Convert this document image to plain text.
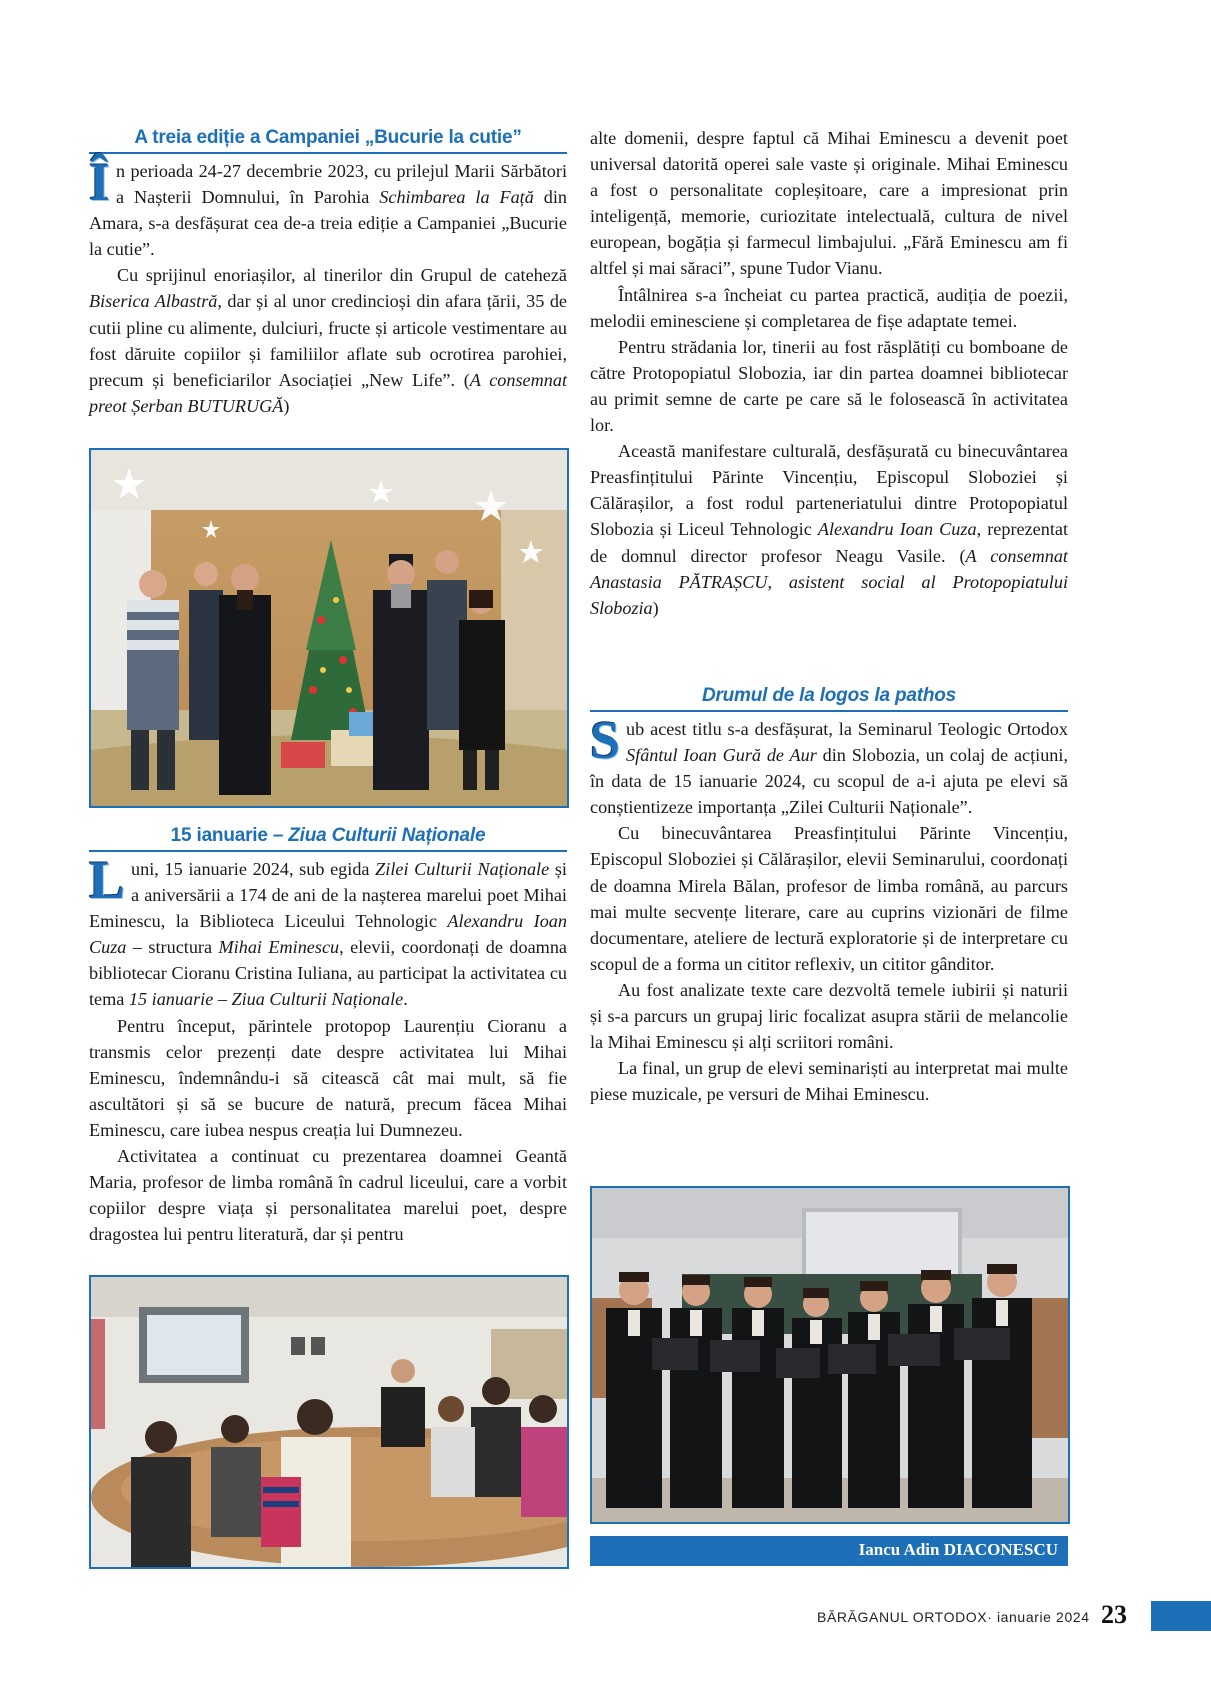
A treia ediție a Campaniei „Bucurie la cutie”

În perioada 24-27 decembrie 2023, cu prilejul Marii Sărbători a Nașterii Domnului, în Parohia Schimbarea la Față din Amara, s-a desfășurat cea de-a treia ediție a Campaniei „Bucurie la cutie”.

Cu sprijinul enoriașilor, al tinerilor din Grupul de cateheză Biserica Albastră, dar și al unor credincioși din afara țării, 35 de cutii pline cu alimente, dulciuri, fructe și articole vestimentare au fost dăruite copiilor și familiilor aflate sub ocrotirea parohiei, precum și beneficiarilor Asociației „New Life”. (A consemnat preot Șerban BUTURUGĂ)

15 ianuarie – Ziua Culturii Naționale

Luni, 15 ianuarie 2024, sub egida Zilei Culturii Naționale și a aniversării a 174 de ani de la nașterea marelui poet Mihai Eminescu, la Biblioteca Liceului Tehnologic Alexandru Ioan Cuza – structura Mihai Eminescu, elevii, coordonați de doamna bibliotecar Cioranu Cristina Iuliana, au participat la activitatea cu tema 15 ianuarie – Ziua Culturii Naționale.

Pentru început, părintele protopop Laurențiu Cioranu a transmis celor prezenți date despre activitatea lui Mihai Eminescu, îndemnându-i să citească cât mai mult, să fie ascultători și să se bucure de natură, precum făcea Mihai Eminescu, care iubea nespus creația lui Dumnezeu.

Activitatea a continuat cu prezentarea doamnei Geantă Maria, profesor de limba română în cadrul liceului, care a vorbit copiilor despre viața și personalitatea marelui poet, despre dragostea lui pentru literatură, dar și pentru

alte domenii, despre faptul că Mihai Eminescu a devenit poet universal datorită operei sale vaste și originale. Mihai Eminescu a fost o personalitate copleșitoare, care a impresionat prin inteligență, memorie, curiozitate intelectuală, cultura de nivel european, bogăția și farmecul limbajului. „Fără Eminescu am fi altfel și mai săraci”, spune Tudor Vianu.

Întâlnirea s-a încheiat cu partea practică, audiția de poezii, melodii eminesciene și completarea de fișe adaptate temei.

Pentru strădania lor, tinerii au fost răsplătiți cu bomboane de către Protopopiatul Slobozia, iar din partea doamnei bibliotecar au primit semne de carte pe care să le folosească în activitatea lor.

Această manifestare culturală, desfășurată cu binecuvântarea Preasfințitului Părinte Vincențiu, Episcopul Sloboziei și Călărașilor, a fost rodul parteneriatului dintre Protopopiatul Slobozia și Liceul Tehnologic Alexandru Ioan Cuza, reprezentat de domnul director profesor Neagu Vasile. (A consemnat Anastasia PĂTRAȘCU, asistent social al Protopopiatului Slobozia)

Drumul de la logos la pathos

Sub acest titlu s-a desfășurat, la Seminarul Teologic Ortodox Sfântul Ioan Gură de Aur din Slobozia, un colaj de acțiuni, în data de 15 ianuarie 2024, cu scopul de a-i ajuta pe elevi să conștientizeze importanța „Zilei Culturii Naționale”.

Cu binecuvântarea Preasfințitului Părinte Vincențiu, Episcopul Sloboziei și Călărașilor, elevii Seminarului, coordonați de doamna Mirela Bălan, profesor de limba română, au parcurs mai multe secvențe literare, care au cuprins vizionări de filme documentare, ateliere de lectură exploratorie și de interpretare cu scopul de a forma un cititor reflexiv, un cititor gânditor.

Au fost analizate texte care dezvoltă temele iubirii și naturii și s-a parcurs un grupaj liric focalizat asupra stării de melancolie la Mihai Eminescu și alți scriitori români.

La final, un grup de elevi seminariști au interpretat mai multe piese muzicale, pe versuri de Mihai Eminescu.

Iancu Adin DIACONESCU
BĂRĂGANUL ORTODOX· ianuarie 2024 23
